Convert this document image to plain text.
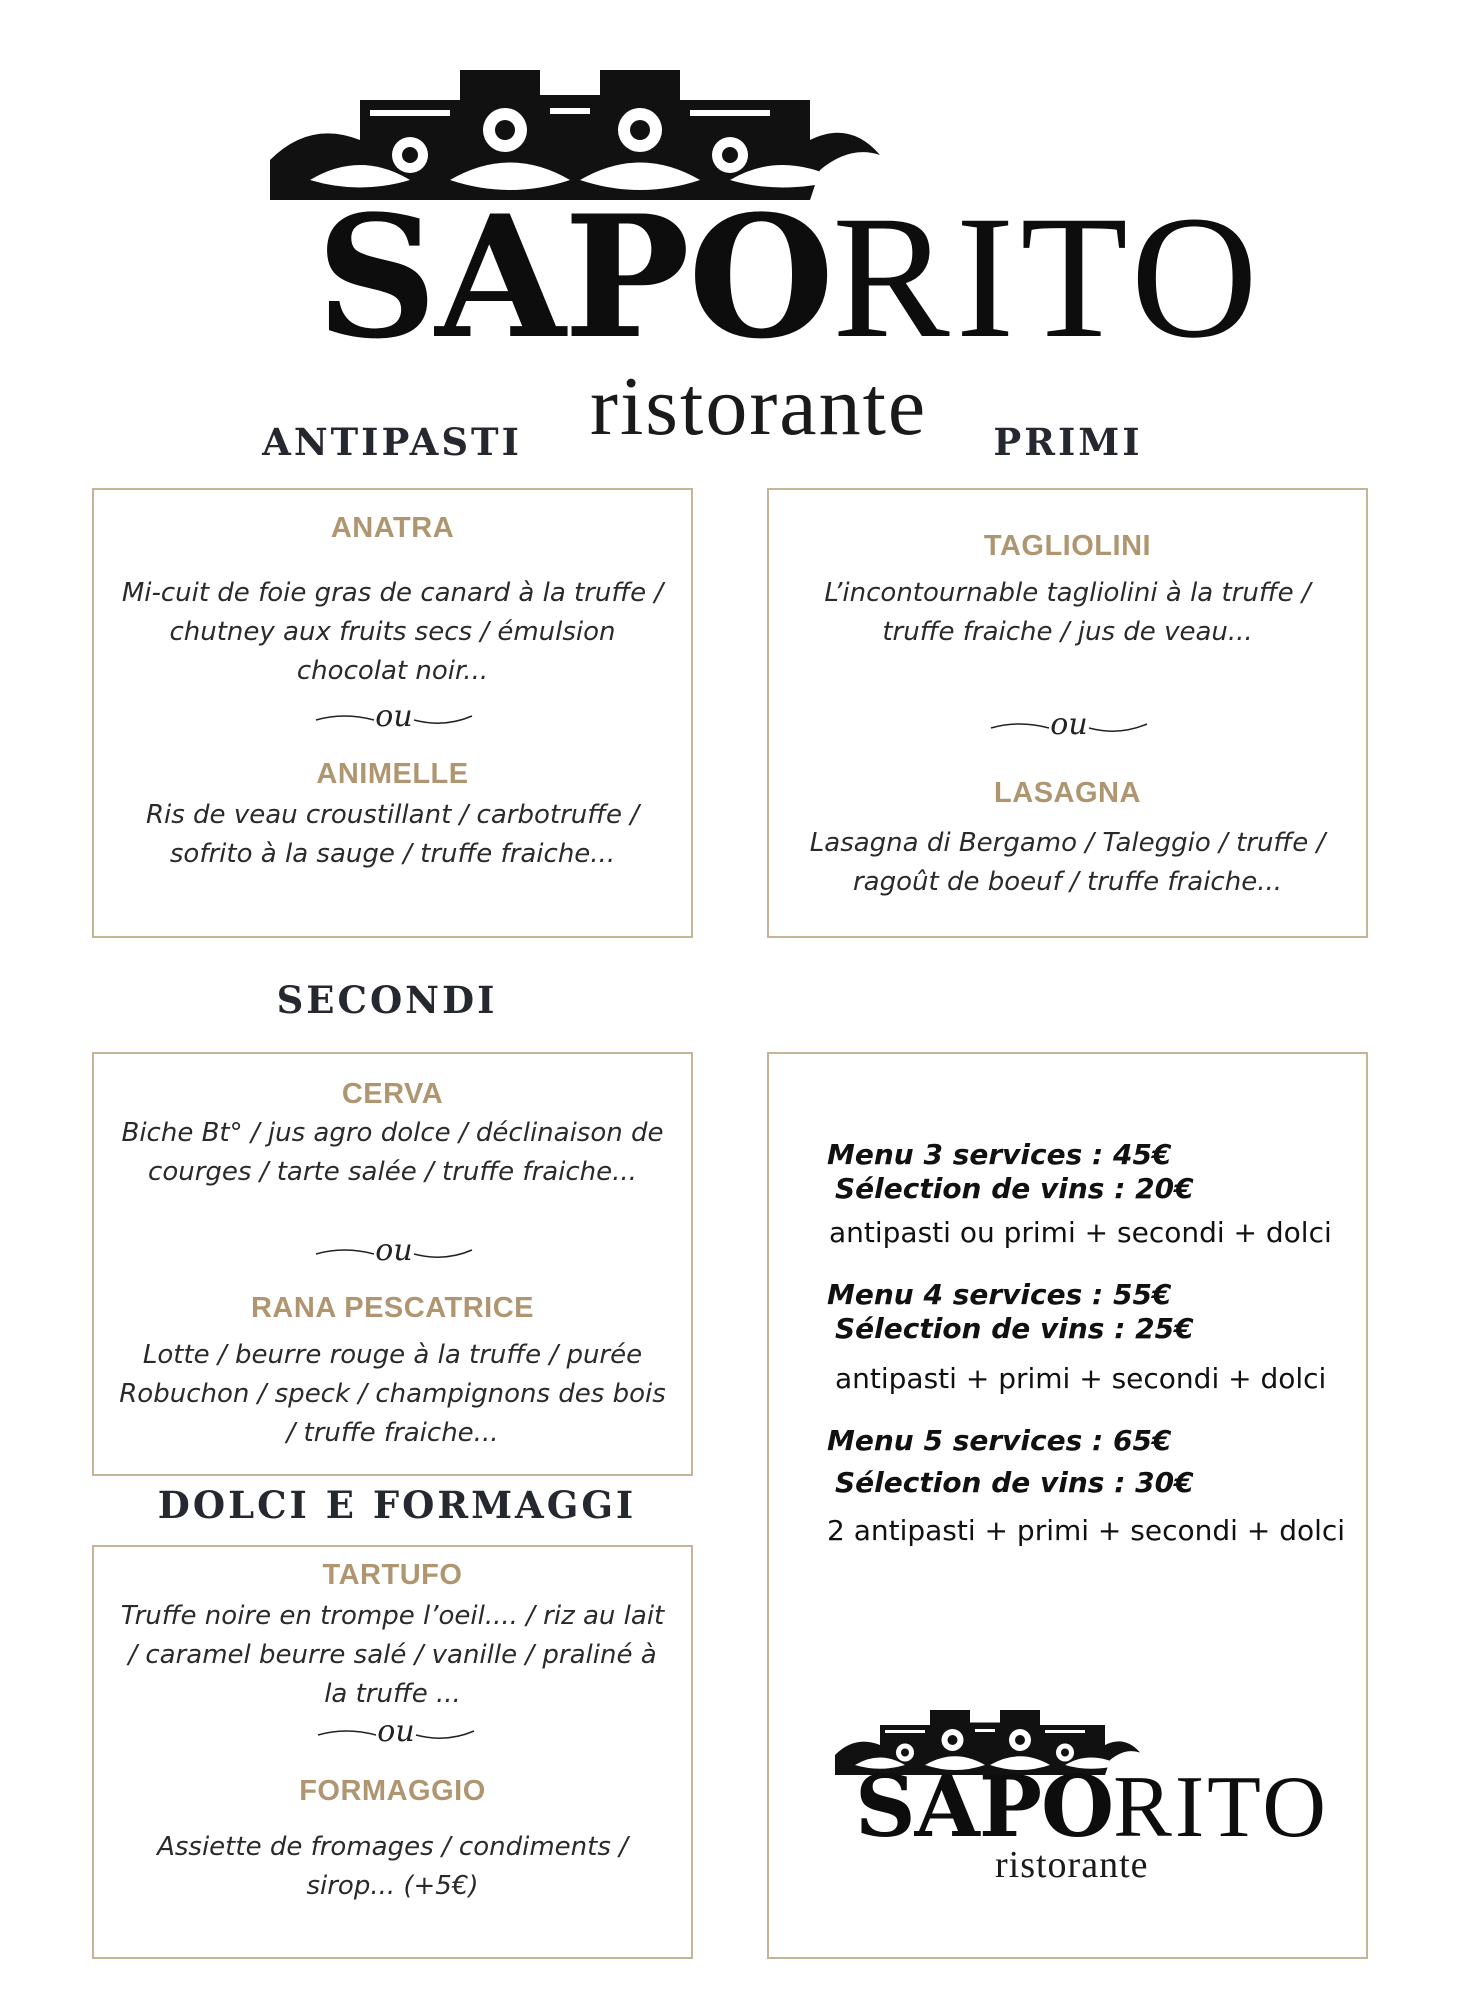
SAPORITO
ristorante
ANTIPASTI	PRIMI
SECONDI
DOLCI E FORMAGGI
ANATRA
Mi-cuit de foie gras de canard à la truffe / chutney aux fruits secs / émulsion chocolat noir...
ou
ANIMELLE
Ris de veau croustillant / carbotruffe / sofrito à la sauge / truffe fraiche...
TAGLIOLINI
L’incontournable tagliolini à la truffe / truffe fraiche / jus de veau...
ou
LASAGNA
Lasagna di Bergamo / Taleggio / truffe / ragoût de boeuf / truffe fraiche...
CERVA
Biche Bt° / jus agro dolce / déclinaison de courges / tarte salée / truffe fraiche...
ou
RANA PESCATRICE
Lotte / beurre rouge à la truffe / purée Robuchon / speck / champignons des bois / truffe fraiche...
TARTUFO
Truffe noire en trompe l’oeil.... / riz au lait / caramel beurre salé / vanille / praliné à la truffe ...
ou
FORMAGGIO
Assiette de fromages / condiments / sirop... (+5€)
Menu 3 services : 45€
Sélection de vins : 20€
antipasti ou primi + secondi + dolci
Menu 4 services : 55€
Sélection de vins : 25€
antipasti + primi + secondi + dolci
Menu 5 services : 65€
Sélection de vins : 30€
2 antipasti + primi + secondi + dolci
SAPORITO
ristorante
